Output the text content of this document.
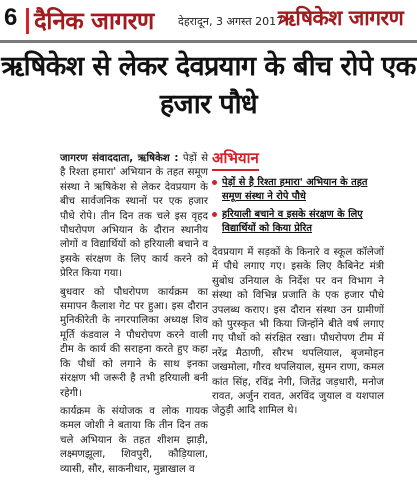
6 दैनिक जागरण देहरादून, 3 अगस्त 2017
ऋषिकेश जागरण
ऋषिकेश से लेकर देवप्रयाग के बीच रोपे एक हजार पौधे

जागरण संवाददाता, ऋषिकेश : पेड़ों से है रिश्ता हमारा' अभियान के तहत समूण संस्था ने ऋषिकेश से लेकर देवप्रयाग के बीच सार्वजनिक स्थानों पर एक हजार पौधे रोपे। तीन दिन तक चले इस वृहद पौधरोपण अभियान के दौरान स्थानीय लोगों व विद्यार्थियों को हरियाली बचाने व इसके संरक्षण के लिए कार्य करने को प्रेरित किया गया।

बुधवार को पौधरोपण कार्यक्रम का समापन कैलाश गेट पर हुआ। इस दौरान मुनिकीरेती के नगरपालिका अध्यक्ष शिव मूर्ति कंडवाल ने पौधरोपण करने वाली टीम के कार्य की सराहना करते हुए कहा कि पौधों को लगाने के साथ इनका संरक्षण भी जरूरी है तभी हरियाली बनी रहेगी।

कार्यक्रम के संयोजक व लोक गायक कमल जोशी ने बताया कि तीन दिन तक चले अभियान के तहत शीशम झाड़ी, लक्ष्मणझूला, शिवपुरी, कौड़ियाला, व्यासी, सौर, साकनीधार, मुन्नाखाल व

अभियान
पेड़ों से है रिश्ता हमारा' अभियान के तहत समूण संस्था ने रोपे पौधे
हरियाली बचाने व इसके संरक्षण के लिए विद्यार्थियों को किया प्रेरित
देवप्रयाग में सड़कों के किनारे व स्कूल कॉलेजों में पौधे लगाए गए। इसके लिए कैबिनेट मंत्री सुबोध उनियाल के निर्देश पर वन विभाग ने संस्था को विभिन्न प्रजाति के एक हजार पौधे उपलब्ध कराए। इस दौरान संस्था उन ग्रामीणों को पुरस्कृत भी किया जिन्होंने बीते वर्ष लगाए गए पौधों को संरक्षित रखा। पौधरोपण टीम में नरेंद्र मैठाणी, सौरभ थपलियाल, बृजमोहन जखमोला, गौरव थपलियाल, सुमन राणा, कमल कांत सिंह, रविंद्र नेगी, जितेंद्र जड़धारी, मनोज रावत, अर्जुन रावत, अरविंद जुयाल व यशपाल जेठुड़ी आदि शामिल थे।
